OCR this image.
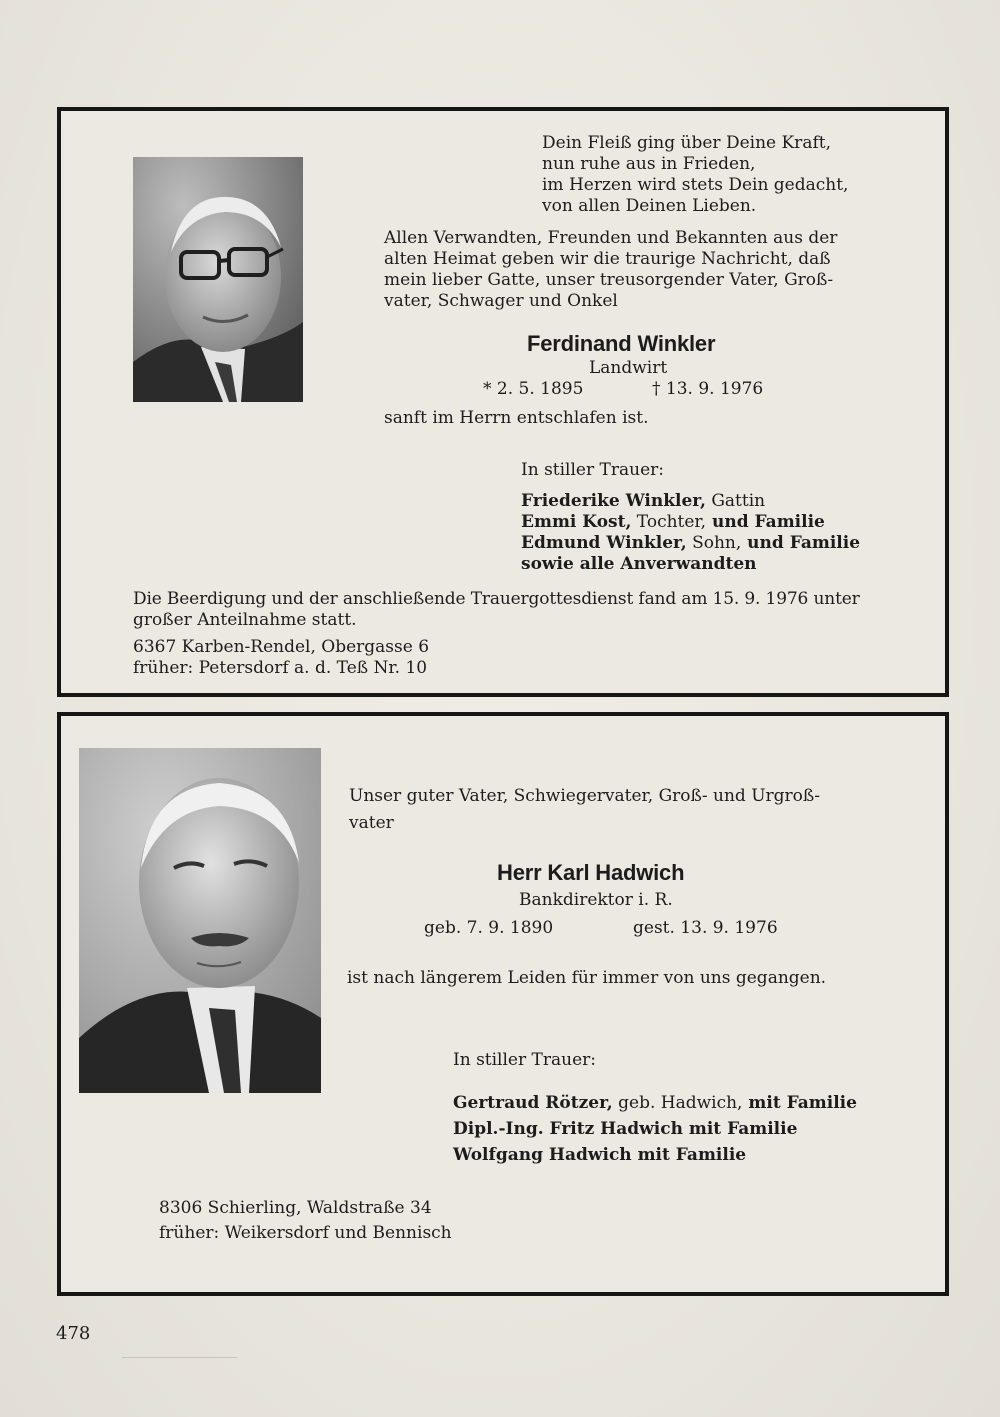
Dein Fleiß ging über Deine Kraft,
nun ruhe aus in Frieden,
im Herzen wird stets Dein gedacht,
von allen Deinen Lieben.
Allen Verwandten, Freunden und Bekannten aus der
alten Heimat geben wir die traurige Nachricht, daß
mein lieber Gatte, unser treusorgender Vater, Groß-
vater, Schwager und Onkel
Ferdinand Winkler
Landwirt
* 2. 5. 1895	† 13. 9. 1976
sanft im Herrn entschlafen ist.
In stiller Trauer:
Friederike Winkler, Gattin
Emmi Kost, Tochter, und Familie
Edmund Winkler, Sohn, und Familie
sowie alle Anverwandten
Die Beerdigung und der anschließende Trauergottesdienst fand am 15. 9. 1976 unter
großer Anteilnahme statt.
6367 Karben-Rendel, Obergasse 6
früher: Petersdorf a. d. Teß Nr. 10
Unser guter Vater, Schwiegervater, Groß- und Urgroß-
vater
Herr Karl Hadwich
Bankdirektor i. R.
geb. 7. 9. 1890	gest. 13. 9. 1976
ist nach längerem Leiden für immer von uns gegangen.
In stiller Trauer:
Gertraud Rötzer, geb. Hadwich, mit Familie
Dipl.-Ing. Fritz Hadwich mit Familie
Wolfgang Hadwich mit Familie
8306 Schierling, Waldstraße 34
früher: Weikersdorf und Bennisch
478
